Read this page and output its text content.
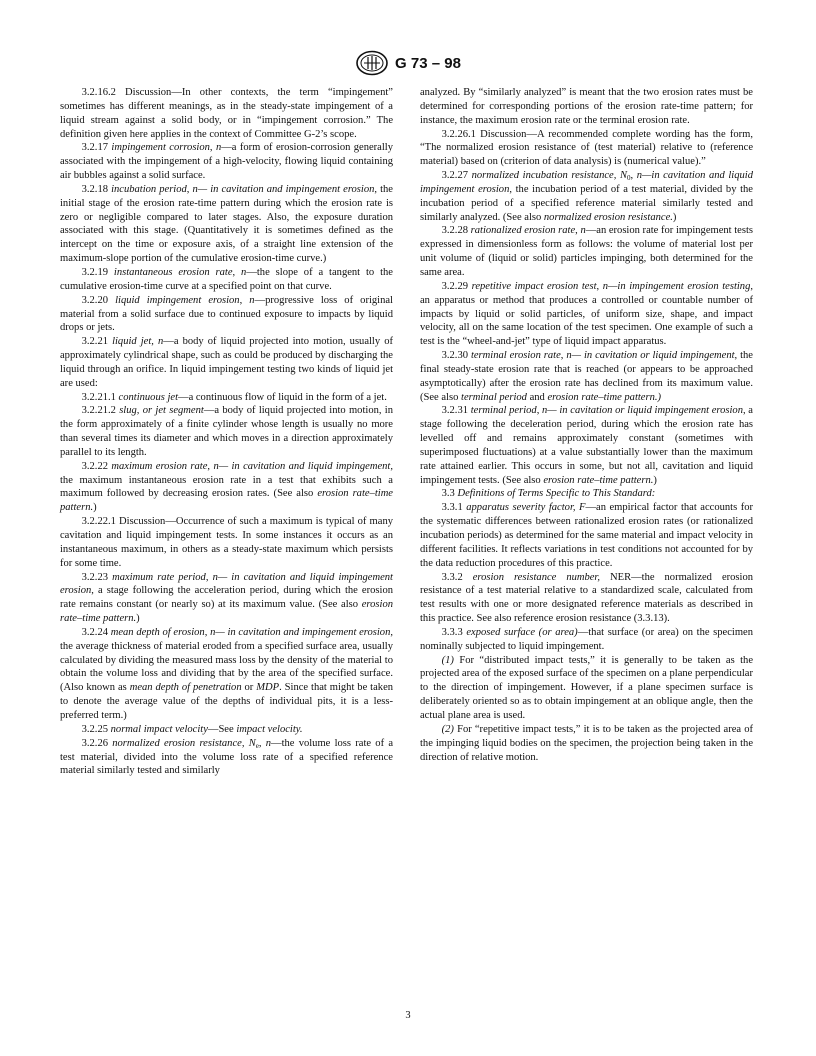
G 73 – 98

3.2.16.2 Discussion—In other contexts, the term “impingement” sometimes has different meanings, as in the steady-state impingement of a liquid stream against a solid body, or in “impingement corrosion.” The definition given here applies in the context of Committee G-2’s scope.

3.2.17 impingement corrosion, n—a form of erosion-corrosion generally associated with the impingement of a high-velocity, flowing liquid containing air bubbles against a solid surface.

3.2.18 incubation period, n— in cavitation and impingement erosion, the initial stage of the erosion rate-time pattern during which the erosion rate is zero or negligible compared to later stages. Also, the exposure duration associated with this stage. (Quantitatively it is sometimes defined as the intercept on the time or exposure axis, of a straight line extension of the maximum-slope portion of the cumulative erosion-time curve.)

3.2.19 instantaneous erosion rate, n—the slope of a tangent to the cumulative erosion-time curve at a specified point on that curve.

3.2.20 liquid impingement erosion, n—progressive loss of original material from a solid surface due to continued exposure to impacts by liquid drops or jets.

3.2.21 liquid jet, n—a body of liquid projected into motion, usually of approximately cylindrical shape, such as could be produced by discharging the liquid through an orifice. In liquid impingement testing two kinds of liquid jet are used:

3.2.21.1 continuous jet—a continuous flow of liquid in the form of a jet.

3.2.21.2 slug, or jet segment—a body of liquid projected into motion, in the form approximately of a finite cylinder whose length is usually no more than several times its diameter and which moves in a direction approximately parallel to its length.

3.2.22 maximum erosion rate, n— in cavitation and liquid impingement, the maximum instantaneous erosion rate in a test that exhibits such a maximum followed by decreasing erosion rates. (See also erosion rate–time pattern.)

3.2.22.1 Discussion—Occurrence of such a maximum is typical of many cavitation and liquid impingement tests. In some instances it occurs as an instantaneous maximum, in others as a steady-state maximum which persists for some time.

3.2.23 maximum rate period, n— in cavitation and liquid impingement erosion, a stage following the acceleration period, during which the erosion rate remains constant (or nearly so) at its maximum value. (See also erosion rate–time pattern.)

3.2.24 mean depth of erosion, n— in cavitation and impingement erosion, the average thickness of material eroded from a specified surface area, usually calculated by dividing the measured mass loss by the density of the material to obtain the volume loss and dividing that by the area of the specified surface. (Also known as mean depth of penetration or MDP. Since that might be taken to denote the average value of the depths of individual pits, it is a less-preferred term.)

3.2.25 normal impact velocity—See impact velocity.

3.2.26 normalized erosion resistance, $N_e$, n—the volume loss rate of a test material, divided into the volume loss rate of a specified reference material similarly tested and similarly

analyzed. By “similarly analyzed” is meant that the two erosion rates must be determined for corresponding portions of the erosion rate-time pattern; for instance, the maximum erosion rate or the terminal erosion rate.

3.2.26.1 Discussion—A recommended complete wording has the form, “The normalized erosion resistance of (test material) relative to (reference material) based on (criterion of data analysis) is (numerical value).”

3.2.27 normalized incubation resistance, $N_0$, n—in cavitation and liquid impingement erosion, the incubation period of a test material, divided by the incubation period of a specified reference material similarly tested and similarly analyzed. (See also normalized erosion resistance.)

3.2.28 rationalized erosion rate, n—an erosion rate for impingement tests expressed in dimensionless form as follows: the volume of material lost per unit volume of (liquid or solid) particles impinging, both determined for the same area.

3.2.29 repetitive impact erosion test, n—in impingement erosion testing, an apparatus or method that produces a controlled or countable number of impacts by liquid or solid particles, of uniform size, shape, and impact velocity, all on the same location of the test specimen. One example of such a test is the “wheel-and-jet” type of liquid impact apparatus.

3.2.30 terminal erosion rate, n— in cavitation or liquid impingement, the final steady-state erosion rate that is reached (or appears to be approached asymptotically) after the erosion rate has declined from its maximum value. (See also terminal period and erosion rate–time pattern.)

3.2.31 terminal period, n— in cavitation or liquid impingement erosion, a stage following the deceleration period, during which the erosion rate has levelled off and remains approximately constant (sometimes with superimposed fluctuations) at a value substantially lower than the maximum rate attained earlier. This occurs in some, but not all, cavitation and liquid impingement tests. (See also erosion rate–time pattern.)

3.3 Definitions of Terms Specific to This Standard:

3.3.1 apparatus severity factor, F—an empirical factor that accounts for the systematic differences between rationalized erosion rates (or rationalized incubation periods) as determined for the same material and impact velocity in different facilities. It reflects variations in test conditions not accounted for by the data reduction procedures of this practice.

3.3.2 erosion resistance number, NER—the normalized erosion resistance of a test material relative to a standardized scale, calculated from test results with one or more designated reference materials as described in this practice. See also reference erosion resistance (3.3.13).

3.3.3 exposed surface (or area)—that surface (or area) on the specimen nominally subjected to liquid impingement.

(1) For “distributed impact tests,” it is generally to be taken as the projected area of the exposed surface of the specimen on a plane perpendicular to the direction of impingement. However, if a plane specimen surface is deliberately oriented so as to obtain impingement at an oblique angle, then the actual plane area is used.

(2) For “repetitive impact tests,” it is to be taken as the projected area of the impinging liquid bodies on the specimen, the projection being taken in the direction of relative motion.

3
